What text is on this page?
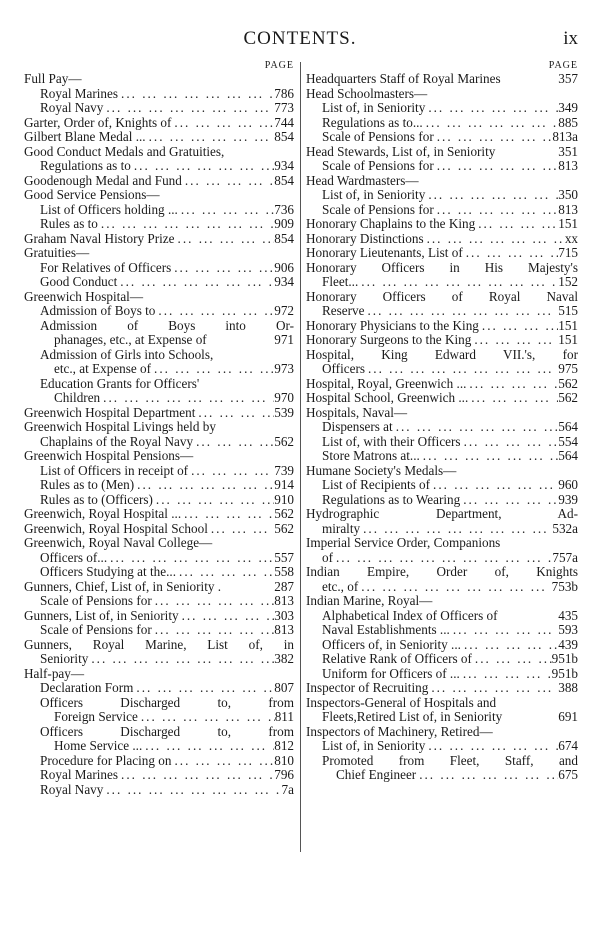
CONTENTS.	ix
PAGE
Full Pay—
Royal Marines ... .	786
Royal Navy ... .	773
Garter, Order of, Knights of ... .	744
Gilbert Blane Medal ... ... .	854
Good Conduct Medals and Gratuities,
Regulations as to ... .	934
Goodenough Medal and Fund ... .	854
Good Service Pensions—
List of Officers holding ... ... .	736
Rules as to ... .	909
Graham Naval History Prize ... .	854
Gratuities—
For Relatives of Officers ... .	906
Good Conduct ... .	934
Greenwich Hospital—
Admission of Boys to ... .	972
Admission of Boys into Or-
phanages, etc., at Expense of	971
Admission of Girls into Schools,
etc., at Expense of ... .	973
Education Grants for Officers'
Children ... .	970
Greenwich Hospital Department ... .	539
Greenwich Hospital Livings held by
Chaplains of the Royal Navy ... .	562
Greenwich Hospital Pensions—
List of Officers in receipt of ... .	739
Rules as to (Men) ... .	914
Rules as to (Officers) ... .	910
Greenwich, Royal Hospital ... ... .	562
Greenwich, Royal Hospital School ... .	562
Greenwich, Royal Naval College—
Officers of... ... .	557
Officers Studying at the... ... .	558
Gunners, Chief, List of, in Seniority .	287
Scale of Pensions for ... .	813
Gunners, List of, in Seniority ... .	303
Scale of Pensions for ... .	813
Gunners, Royal Marine, List of, in
Seniority ... .	382
Half-pay—
Declaration Form ... .	807
Officers Discharged to, from
Foreign Service ... .	811
Officers Discharged to, from
Home Service ... ... .	812
Procedure for Placing on ... .	810
Royal Marines ... .	796
Royal Navy ... .	7a
PAGE
Headquarters Staff of Royal Marines	357
Head Schoolmasters—
List of, in Seniority ... .	349
Regulations as to... ... .	885
Scale of Pensions for ... .	813a
Head Stewards, List of, in Seniority	351
Scale of Pensions for ... .	813
Head Wardmasters—
List of, in Seniority ... .	350
Scale of Pensions for ... .	813
Honorary Chaplains to the King ... .	151
Honorary Distinctions ... .	xx
Honorary Lieutenants, List of ... .	715
Honorary Officers in His Majesty's
Fleet... ... .	152
Honorary Officers of Royal Naval
Reserve ... .	515
Honorary Physicians to the King ... .	151
Honorary Surgeons to the King ... .	151
Hospital, King Edward VII.'s, for
Officers ... .	975
Hospital, Royal, Greenwich ... ... .	562
Hospital School, Greenwich ... ... .	562
Hospitals, Naval—
Dispensers at ... .	564
List of, with their Officers ... .	554
Store Matrons at... ... .	564
Humane Society's Medals—
List of Recipients of ... .	960
Regulations as to Wearing ... .	939
Hydrographic Department, Ad-
miralty ... .	532a
Imperial Service Order, Companions
of ... .	757a
Indian Empire, Order of, Knights
etc., of ... .	753b
Indian Marine, Royal—
Alphabetical Index of Officers of	435
Naval Establishments ... ... .	593
Officers of, in Seniority ... ... .	439
Relative Rank of Officers of ... .	951b
Uniform for Officers of ... ... .	951b
Inspector of Recruiting ... .	388
Inspectors-General of Hospitals and
Fleets,Retired List of, in Seniority	691
Inspectors of Machinery, Retired—
List of, in Seniority ... .	674
Promoted from Fleet, Staff, and
Chief Engineer ... .	675
